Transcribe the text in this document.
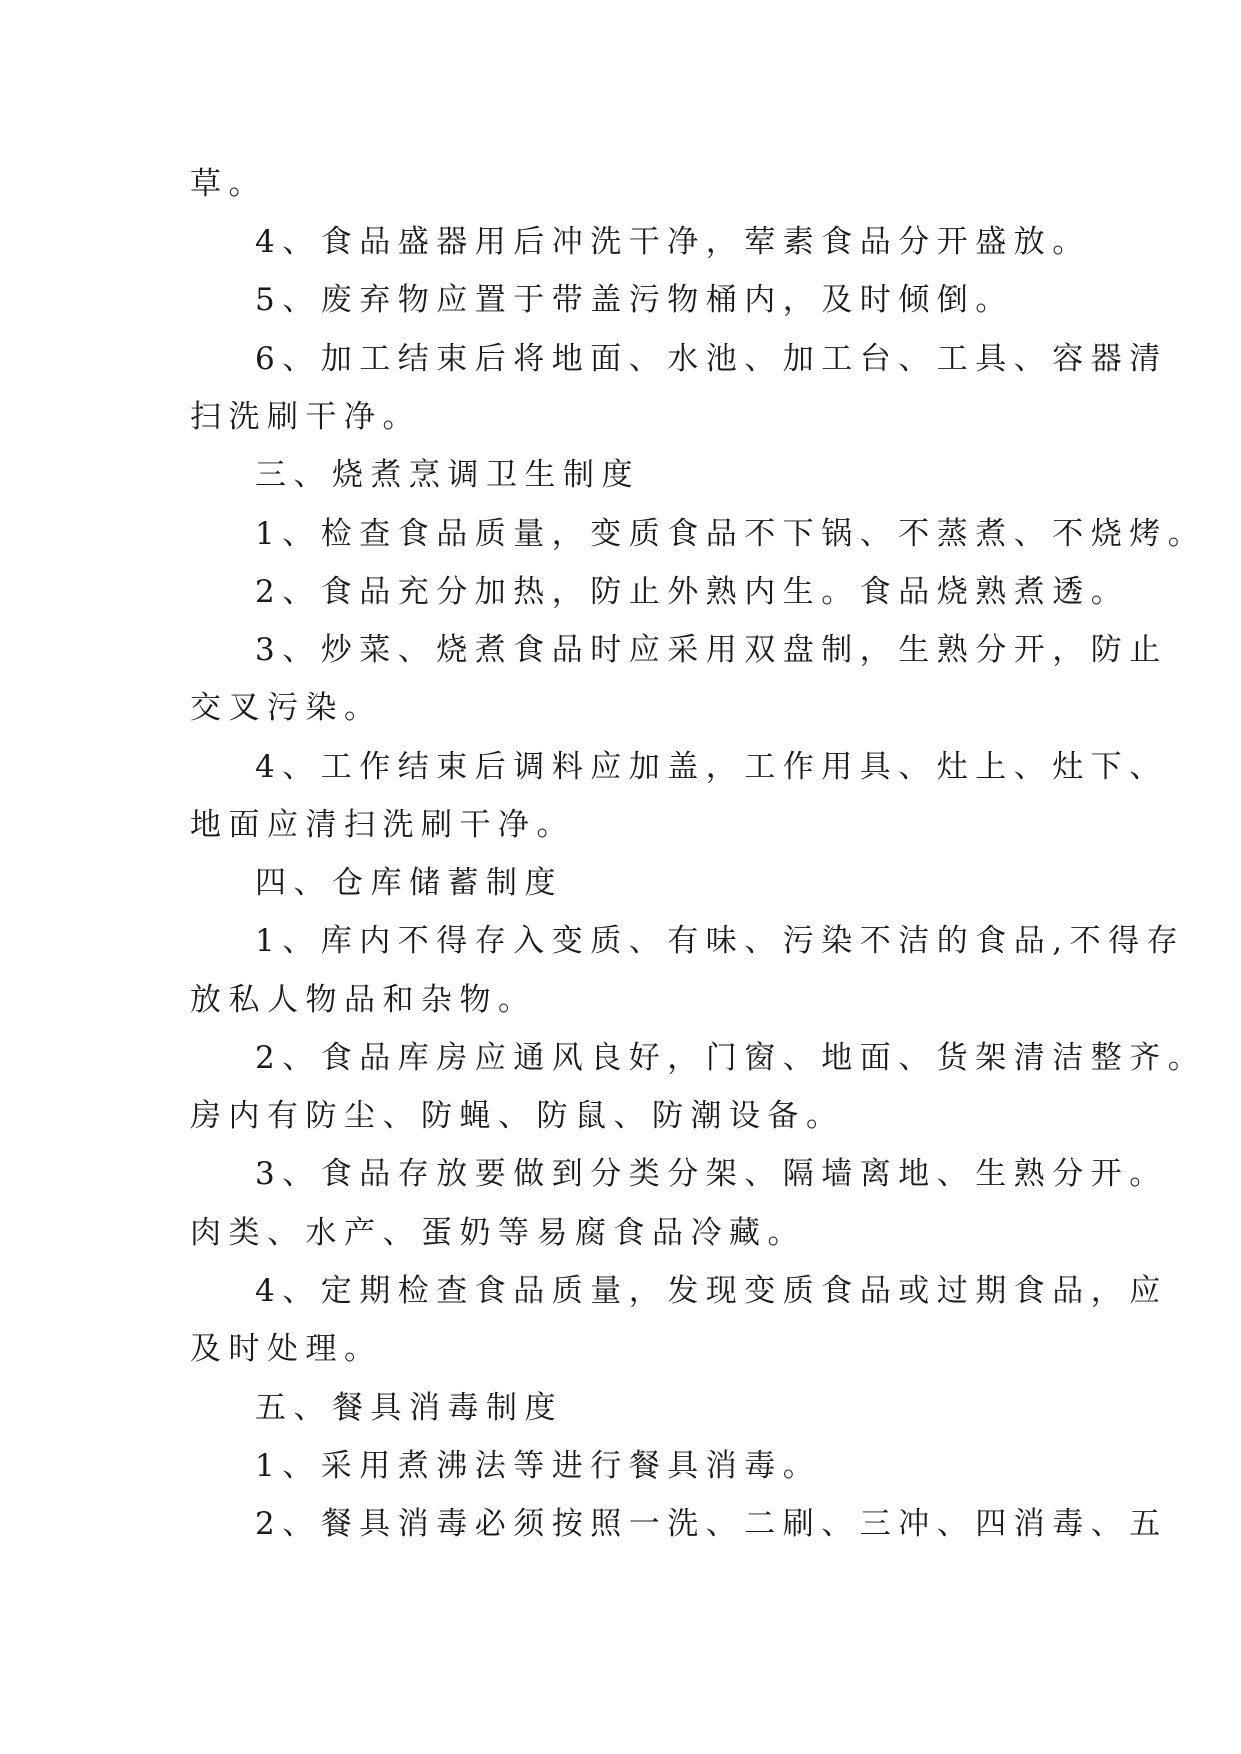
草。

4、食品盛器用后冲洗干净，荤素食品分开盛放。

5、废弃物应置于带盖污物桶内，及时倾倒。

6、加工结束后将地面、水池、加工台、工具、容器清

扫洗刷干净。

三、烧煮烹调卫生制度

1、检查食品质量，变质食品不下锅、不蒸煮、不烧烤。

2、食品充分加热，防止外熟内生。食品烧熟煮透。

3、炒菜、烧煮食品时应采用双盘制，生熟分开，防止

交叉污染。

4、工作结束后调料应加盖，工作用具、灶上、灶下、

地面应清扫洗刷干净。

四、仓库储蓄制度

1、库内不得存入变质、有味、污染不洁的食品,不得存

放私人物品和杂物。

2、食品库房应通风良好，门窗、地面、货架清洁整齐。

房内有防尘、防蝇、防鼠、防潮设备。

3、食品存放要做到分类分架、隔墙离地、生熟分开。

肉类、水产、蛋奶等易腐食品冷藏。

4、定期检查食品质量，发现变质食品或过期食品，应

及时处理。

五、餐具消毒制度

1、采用煮沸法等进行餐具消毒。

2、餐具消毒必须按照一洗、二刷、三冲、四消毒、五
